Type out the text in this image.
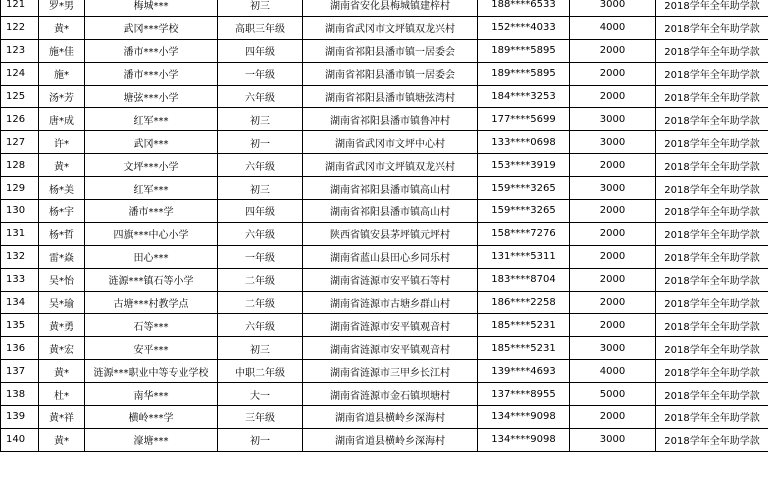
121	罗*男	梅城***	初三	湖南省安化县梅城镇建梓村	188****6533	3000	2018学年全年助学款
122	黄*	武冈***学校	高职三年级	湖南省武冈市文坪镇双龙兴村	152****4033	4000	2018学年全年助学款
123	施*佳	潘市***小学	四年级	湖南省祁阳县潘市镇一居委会	189****5895	2000	2018学年全年助学款
124	施*	潘市***小学	一年级	湖南省祁阳县潘市镇一居委会	189****5895	2000	2018学年全年助学款
125	汤*芳	塘弦***小学	六年级	湖南省祁阳县潘市镇塘弦湾村	184****3253	2000	2018学年全年助学款
126	唐*成	红军***	初三	湖南省祁阳县潘市镇鲁冲村	177****5699	3000	2018学年全年助学款
127	许*	武冈***	初一	湖南省武冈市文坪中心村	133****0698	3000	2018学年全年助学款
128	黄*	文坪***小学	六年级	湖南省武冈市文坪镇双龙兴村	153****3919	2000	2018学年全年助学款
129	杨*美	红军***	初三	湖南省祁阳县潘市镇高山村	159****3265	3000	2018学年全年助学款
130	杨*宇	潘市***学	四年级	湖南省祁阳县潘市镇高山村	159****3265	2000	2018学年全年助学款
131	杨*哲	四旗***中心小学	六年级	陕西省镇安县茅坪镇元坪村	158****7276	2000	2018学年全年助学款
132	雷*焱	田心***	一年级	湖南省蓝山县田心乡同乐村	131****5311	2000	2018学年全年助学款
133	吴*怡	涟源***镇石等小学	二年级	湖南省涟源市安平镇石等村	183****8704	2000	2018学年全年助学款
134	吴*瑜	古塘***村教学点	二年级	湖南省涟源市古塘乡群山村	186****2258	2000	2018学年全年助学款
135	黄*勇	石等***	六年级	湖南省涟源市安平镇观音村	185****5231	2000	2018学年全年助学款
136	黄*宏	安平***	初三	湖南省涟源市安平镇观音村	185****5231	3000	2018学年全年助学款
137	黄*	涟源***职业中等专业学校	中职二年级	湖南省涟源市三甲乡长江村	139****4693	4000	2018学年全年助学款
138	杜*	南华***	大一	湖南省涟源市金石镇坝塘村	137****8955	5000	2018学年全年助学款
139	黄*祥	横岭***学	三年级	湖南省道县横岭乡深海村	134****9098	2000	2018学年全年助学款
140	黄*	濠塘***	初一	湖南省道县横岭乡深海村	134****9098	3000	2018学年全年助学款
